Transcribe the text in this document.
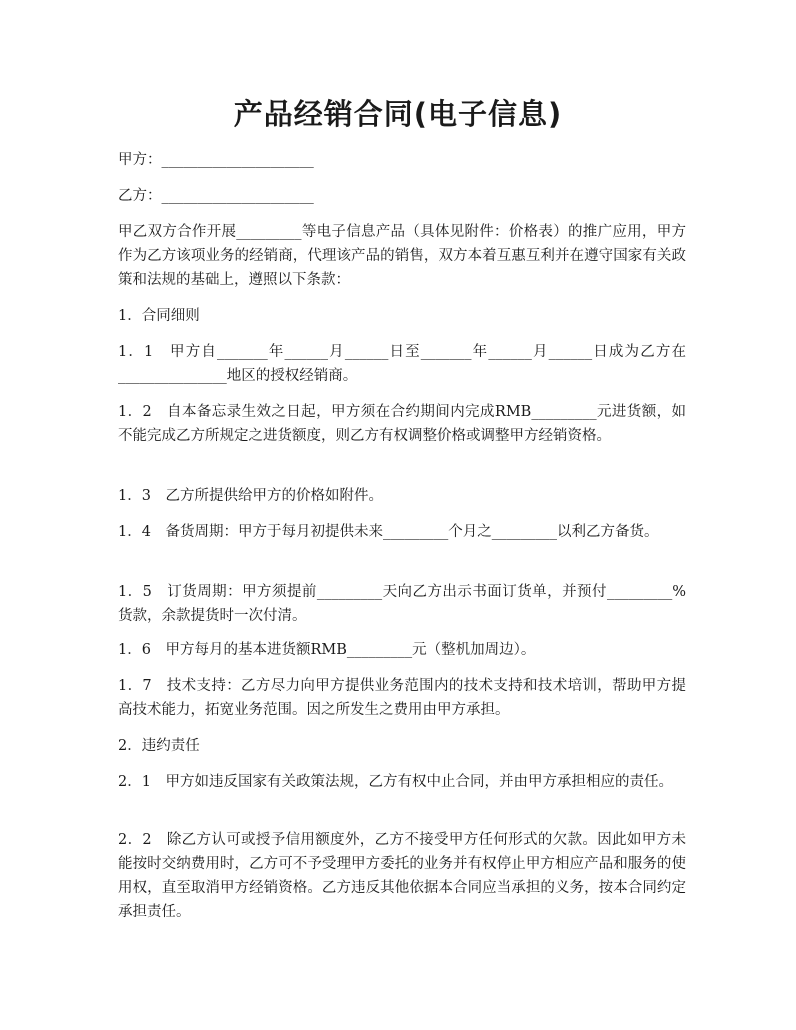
产品经销合同(电子信息)

甲方：_____________________

乙方：_____________________

甲乙双方合作开展_________等电子信息产品（具体见附件：价格表）的推广应用，甲方作为乙方该项业务的经销商，代理该产品的销售，双方本着互惠互利并在遵守国家有关政策和法规的基础上，遵照以下条款：

1．合同细则

1．1　甲方自_______年______月______日至_______年______月______日成为乙方在_______________地区的授权经销商。

1．2　自本备忘录生效之日起，甲方须在合约期间内完成RMB_________元进货额，如不能完成乙方所规定之进货额度，则乙方有权调整价格或调整甲方经销资格。

1．3　乙方所提供给甲方的价格如附件。

1．4　备货周期：甲方于每月初提供未来_________个月之_________以利乙方备货。

1．5　订货周期：甲方须提前_________天向乙方出示书面订货单，并预付_________%货款，余款提货时一次付清。

1．6　甲方每月的基本进货额RMB_________元（整机加周边）。

1．7　技术支持：乙方尽力向甲方提供业务范围内的技术支持和技术培训，帮助甲方提高技术能力，拓宽业务范围。因之所发生之费用由甲方承担。

2．违约责任

2．1　甲方如违反国家有关政策法规，乙方有权中止合同，并由甲方承担相应的责任。

2．2　除乙方认可或授予信用额度外，乙方不接受甲方任何形式的欠款。因此如甲方未能按时交纳费用时，乙方可不予受理甲方委托的业务并有权停止甲方相应产品和服务的使用权，直至取消甲方经销资格。乙方违反其他依据本合同应当承担的义务，按本合同约定承担责任。
